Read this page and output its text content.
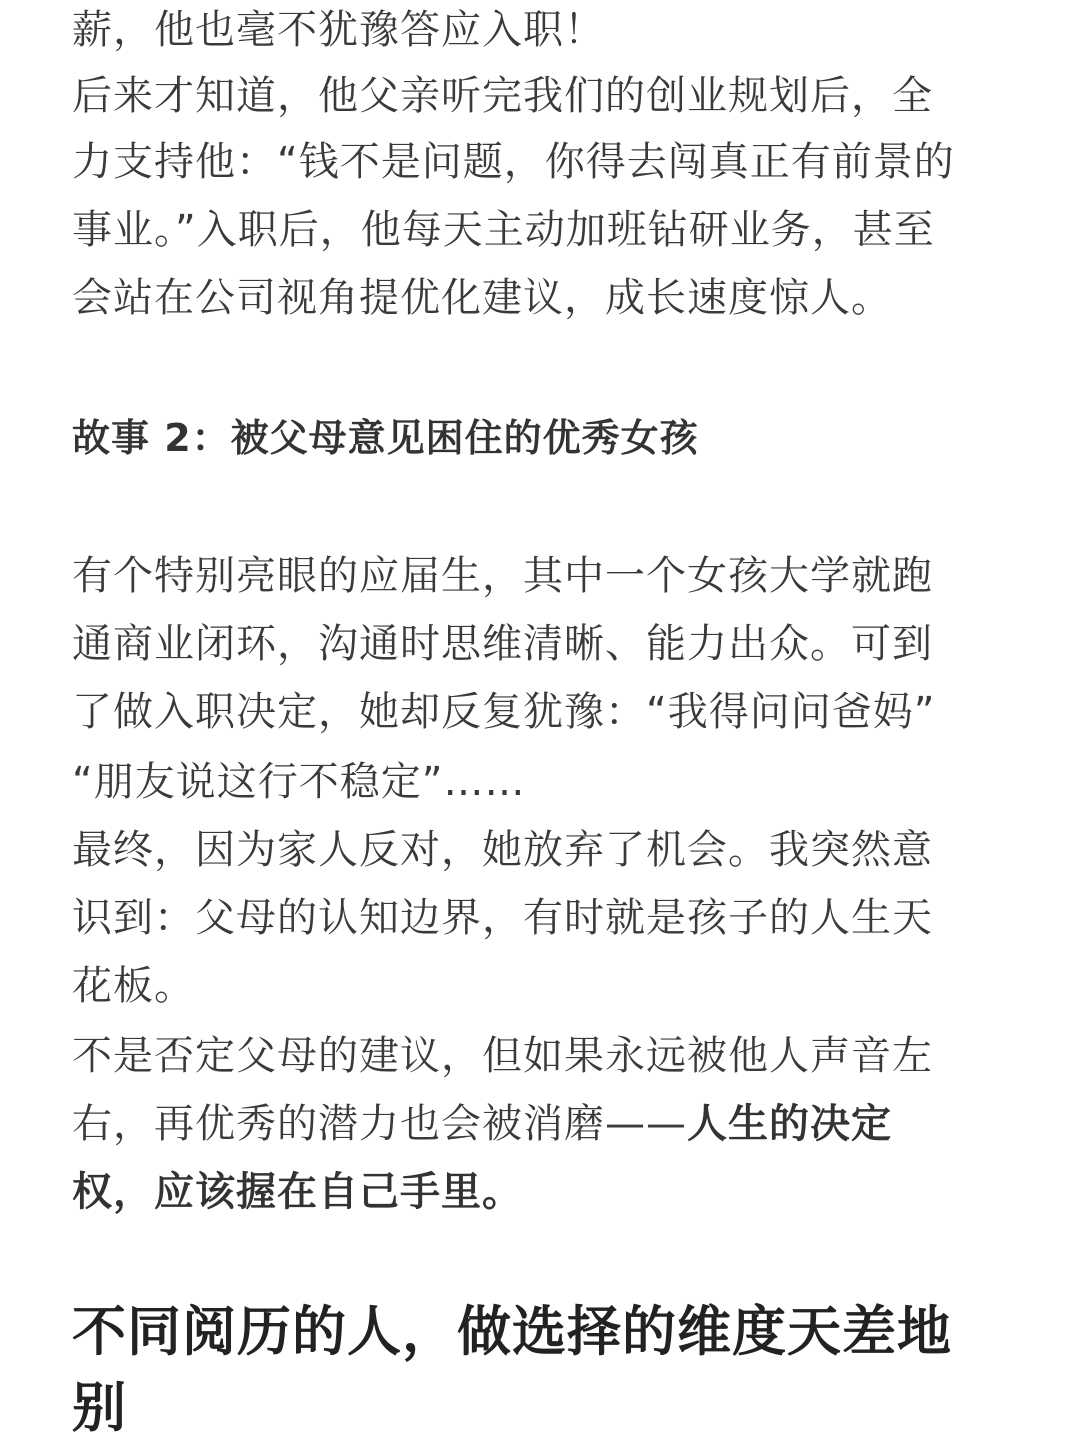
薪，他也毫不犹豫答应入职！
后来才知道，他父亲听完我们的创业规划后，全
力支持他：“钱不是问题，你得去闯真正有前景的
事业。”入职后，他每天主动加班钻研业务，甚至
会站在公司视角提优化建议，成长速度惊人。
故事 2：被父母意见困住的优秀女孩
有个特别亮眼的应届生，其中一个女孩大学就跑
通商业闭环，沟通时思维清晰、能力出众。可到
了做入职决定，她却反复犹豫：“我得问问爸妈”
“朋友说这行不稳定”……
最终，因为家人反对，她放弃了机会。我突然意
识到：父母的认知边界，有时就是孩子的人生天
花板。
不是否定父母的建议，但如果永远被他人声音左
右，再优秀的潜力也会被消磨——人生的决定
权，应该握在自己手里。
不同阅历的人，做选择的维度天差地
别
